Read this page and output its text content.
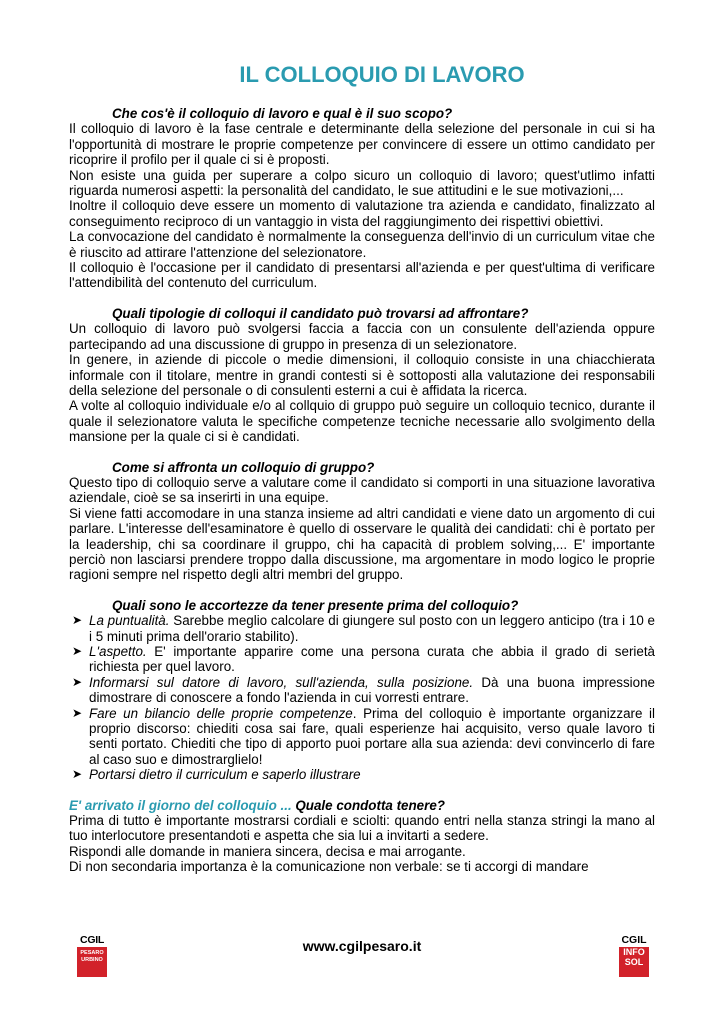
IL COLLOQUIO DI LAVORO
Che cos'è il colloquio di lavoro e qual è il suo scopo?

Il colloquio di lavoro è la fase centrale e determinante della selezione del personale in cui si ha l'opportunità di mostrare le proprie competenze per convincere di essere un ottimo candidato per ricoprire il profilo per il quale ci si è proposti.

Non esiste una guida per superare a colpo sicuro un colloquio di lavoro; quest'utlimo infatti riguarda numerosi aspetti: la personalità del candidato, le sue attitudini e le sue motivazioni,...

Inoltre il colloquio deve essere un momento di valutazione tra azienda e candidato, finalizzato al conseguimento reciproco di un vantaggio in vista del raggiungimento dei rispettivi obiettivi.

La convocazione del candidato è normalmente la conseguenza dell'invio di un curriculum vitae che è riuscito ad attirare l'attenzione del selezionatore.

Il colloquio è l'occasione per il candidato di presentarsi all'azienda e per quest'ultima di verificare l'attendibilità del contenuto del curriculum.

Quali tipologie di colloqui il candidato può trovarsi ad affrontare?

Un colloquio di lavoro può svolgersi faccia a faccia con un consulente dell'azienda oppure partecipando ad una discussione di gruppo in presenza di un selezionatore.

In genere, in aziende di piccole o medie dimensioni, il colloquio consiste in una chiacchierata informale con il titolare, mentre in grandi contesti si è sottoposti alla valutazione dei responsabili della selezione del personale o di consulenti esterni a cui è affidata la ricerca.

A volte al colloquio individuale e/o al collquio di gruppo può seguire un colloquio tecnico, durante il quale il selezionatore valuta le specifiche competenze tecniche necessarie allo svolgimento della mansione per la quale ci si è candidati.

Come si affronta un colloquio di gruppo?

Questo tipo di colloquio serve a valutare come il candidato si comporti in una situazione lavorativa aziendale, cioè se sa inserirti in una equipe.

Si viene fatti accomodare in una stanza insieme ad altri candidati e viene dato un argomento di cui parlare. L'interesse dell'esaminatore è quello di osservare le qualità dei candidati: chi è portato per la leadership, chi sa coordinare il gruppo, chi ha capacità di problem solving,... E' importante perciò non lasciarsi prendere troppo dalla discussione, ma argomentare in modo logico le proprie ragioni sempre nel rispetto degli altri membri del gruppo.

Quali sono le accortezze da tener presente prima del colloquio?
➤ La puntualità. Sarebbe meglio calcolare di giungere sul posto con un leggero anticipo (tra i 10 e i 5 minuti prima dell'orario stabilito).
➤ L'aspetto. E' importante apparire come una persona curata che abbia il grado di serietà richiesta per quel lavoro.
➤ Informarsi sul datore di lavoro, sull'azienda, sulla posizione. Dà una buona impressione dimostrare di conoscere a fondo l'azienda in cui vorresti entrare.
➤ Fare un bilancio delle proprie competenze. Prima del colloquio è importante organizzare il proprio discorso: chiediti cosa sai fare, quali esperienze hai acquisito, verso quale lavoro ti senti portato. Chiediti che tipo di apporto puoi portare alla sua azienda: devi convincerlo di fare al caso suo e dimostrarglielo!
➤ Portarsi dietro il curriculum e saperlo illustrare
E' arrivato il giorno del colloquio ... Quale condotta tenere?

Prima di tutto è importante mostrarsi cordiali e sciolti: quando entri nella stanza stringi la mano al tuo interlocutore presentandoti e aspetta che sia lui a invitarti a sedere.

Rispondi alle domande in maniera sincera, decisa e mai arrogante.

Di non secondaria importanza è la comunicazione non verbale: se ti accorgi di mandare

CGIL
PESARO
URBINO
www.cgilpesaro.it	CGIL
INFO
SOL
